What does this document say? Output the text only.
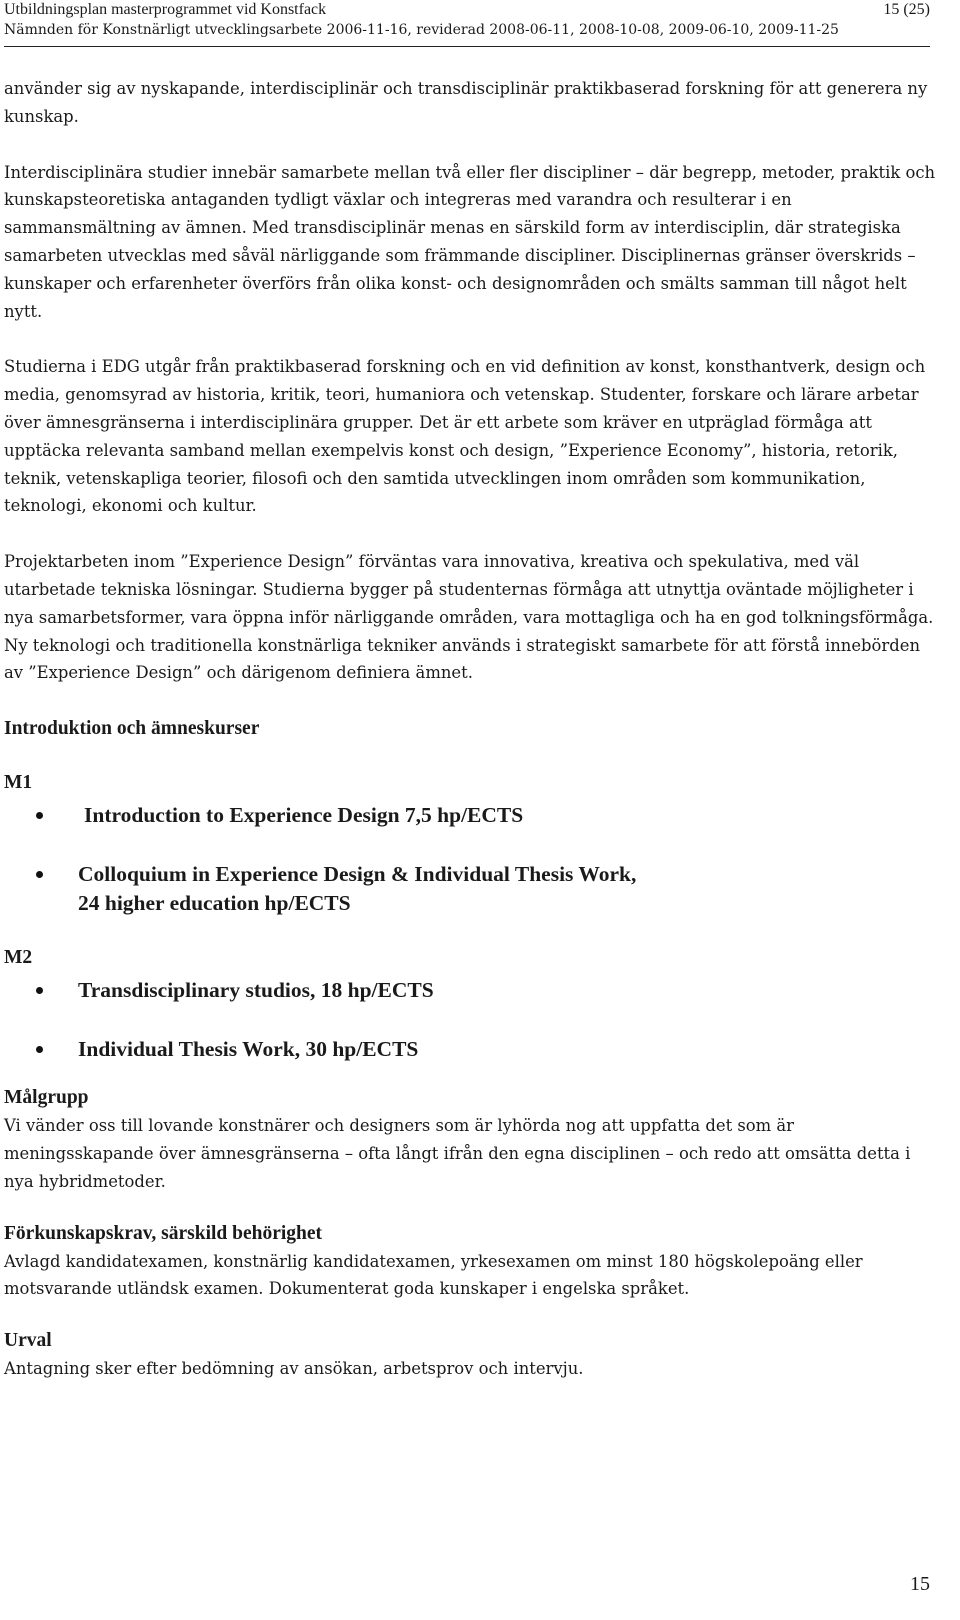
Utbildningsplan masterprogrammet vid Konstfack	15 (25)
Nämnden för Konstnärligt utvecklingsarbete 2006-11-16, reviderad 2008-06-11, 2008-10-08, 2009-06-10, 2009-11-25

använder sig av nyskapande, interdisciplinär och transdisciplinär praktikbaserad forskning för att generera ny kunskap.

Interdisciplinära studier innebär samarbete mellan två eller fler discipliner – där begrepp, metoder, praktik och kunskapsteoretiska antaganden tydligt växlar och integreras med varandra och resulterar i en sammansmältning av ämnen. Med transdisciplinär menas en särskild form av interdisciplin, där strategiska samarbeten utvecklas med såväl närliggande som främmande discipliner. Disciplinernas gränser överskrids – kunskaper och erfarenheter överförs från olika konst- och designområden och smälts samman till något helt nytt.

Studierna i EDG utgår från praktikbaserad forskning och en vid definition av konst, konsthantverk, design och media, genomsyrad av historia, kritik, teori, humaniora och vetenskap. Studenter, forskare och lärare arbetar över ämnesgränserna i interdisciplinära grupper. Det är ett arbete som kräver en utpräglad förmåga att upptäcka relevanta samband mellan exempelvis konst och design, ”Experience Economy”, historia, retorik, teknik, vetenskapliga teorier, filosofi och den samtida utvecklingen inom områden som kommunikation, teknologi, ekonomi och kultur.

Projektarbeten inom ”Experience Design” förväntas vara innovativa, kreativa och spekulativa, med väl utarbetade tekniska lösningar. Studierna bygger på studenternas förmåga att utnyttja oväntade möjligheter i nya samarbetsformer, vara öppna inför närliggande områden, vara mottagliga och ha en god tolkningsförmåga. Ny teknologi och traditionella konstnärliga tekniker används i strategiskt samarbete för att förstå innebörden av ”Experience Design” och därigenom definiera ämnet.

Introduktion och ämneskurser
M1
Introduction to Experience Design 7,5 hp/ECTS
Colloquium in Experience Design & Individual Thesis Work,
24 higher education hp/ECTS
M2
Transdisciplinary studios, 18 hp/ECTS
Individual Thesis Work, 30 hp/ECTS
Målgrupp

Vi vänder oss till lovande konstnärer och designers som är lyhörda nog att uppfatta det som är meningsskapande över ämnesgränserna – ofta långt ifrån den egna disciplinen – och redo att omsätta detta i nya hybridmetoder.

Förkunskapskrav, särskild behörighet

Avlagd kandidatexamen, konstnärlig kandidatexamen, yrkesexamen om minst 180 högskolepoäng eller motsvarande utländsk examen. Dokumenterat goda kunskaper i engelska språket.

Urval

Antagning sker efter bedömning av ansökan, arbetsprov och intervju.

15
